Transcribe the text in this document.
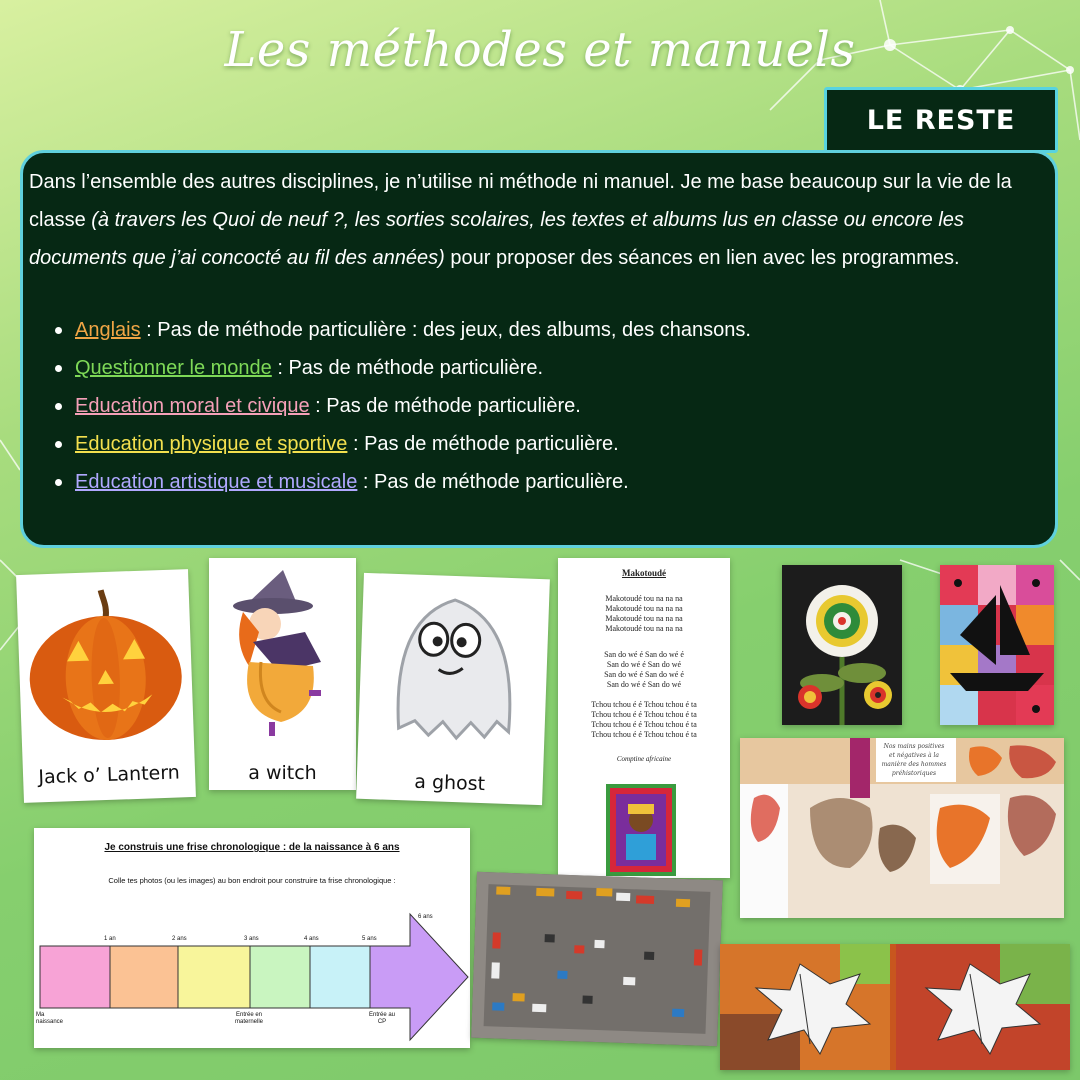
Les méthodes et manuels
LE RESTE

Dans l’ensemble des autres disciplines, je n’utilise ni méthode ni manuel. Je me base beaucoup sur la vie de la classe (à travers les Quoi de neuf ?, les sorties scolaires, les textes et albums lus en classe ou encore les documents que j’ai concocté au fil des années) pour proposer des séances en lien avec les programmes.

Anglais : Pas de méthode particulière : des jeux, des albums, des chansons.
Questionner le monde : Pas de méthode particulière.
Education moral et civique : Pas de méthode particulière.
Education physique et sportive : Pas de méthode particulière.
Education artistique et musicale : Pas de méthode particulière.
Jack o’ Lantern	a witch	a ghost
Makotoudé
Makotoudé tou na na na
Makotoudé tou na na na
Makotoudé tou na na na
Makotoudé tou na na na
San do wé é San do wé é
San do wé é San do wé
San do wé é San do wé é
San do wé é San do wé
Tchou tchou é é Tchou tchou é ta
Tchou tchou é é Tchou tchou é ta
Tchou tchou é é Tchou tchou é ta
Tchou tchou é é Tchou tchou é ta
Comptine africaine
Nos mains positives
et négatives à la
manière des hommes
préhistoriques
Je construis une frise chronologique : de la naissance à 6 ans
Colle tes photos (ou les images) au bon endroit pour construire ta frise chronologique :
1 an	2 ans	3 ans	4 ans	5 ans
6 ans
Ma naissance
Entrée en maternelle
Entrée au CP
